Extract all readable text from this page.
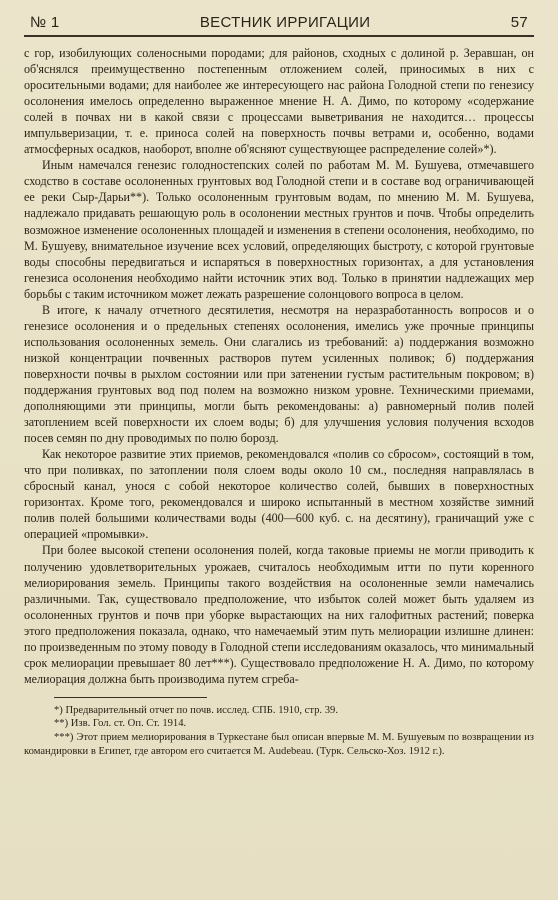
№ 1	ВЕСТНИК ИРРИГАЦИИ	57

с гор, изобилующих соленосными породами; для районов, сходных с долиной р. Зеравшан, он об'яснялся преимущественно постепенным отложением солей, приносимых в них с оросительными водами; для наиболее же интересующего нас района Голодной степи по генезису осолонения имелось определенно выраженное мнение Н. А. Димо, по которому «содержание солей в почвах ни в какой связи с процессами выветривания не находится… процессы импульверизации, т. е. приноса солей на поверхность почвы ветрами и, особенно, водами атмосферных осадков, наоборот, вполне об'ясняют существующее распределение солей»*).

Иным намечался генезис голодностепских солей по работам М. М. Бушуева, отмечавшего сходство в составе осолоненных грунтовых вод Голодной степи и в составе вод ограничивающей ее реки Сыр-Дарьи**). Только осолоненным грунтовым водам, по мнению М. М. Бушуева, надлежало придавать решающую роль в осолонении местных грунтов и почв. Чтобы определить возможное изменение осолоненных площадей и изменения в степени осолонения, необходимо, по М. Бушуеву, внимательное изучение всех условий, определяющих быстроту, с которой грунтовые воды способны передвигаться и испаряться в поверхностных горизонтах, а для установления генезиса осолонения необходимо найти источник этих вод. Только в принятии надлежащих мер борьбы с таким источником может лежать разрешение солонцового вопроса в целом.

В итоге, к началу отчетного десятилетия, несмотря на неразработанность вопросов и о генезисе осолонения и о предельных степенях осолонения, имелись уже прочные принципы использования осолоненных земель. Они слагались из требований: а) поддержания возможно низкой концентрации почвенных растворов путем усиленных поливок; б) поддержания поверхности почвы в рыхлом состоянии или при затенении густым растительным покровом; в) поддержания грунтовых вод под полем на возможно низком уровне. Техническими приемами, дополняющими эти принципы, могли быть рекомендованы: а) равномерный полив полей затоплением всей поверхности их слоем воды; б) для улучшения условия получения всходов посев семян по дну проводимых по полю борозд.

Как некоторое развитие этих приемов, рекомендовался «полив со сбросом», состоящий в том, что при поливках, по затоплении поля слоем воды около 10 см., последняя направлялась в сбросный канал, унося с собой некоторое количество солей, бывших в поверхностных горизонтах. Кроме того, рекомендовался и широко испытанный в местном хозяйстве зимний полив полей большими количествами воды (400—600 куб. с. на десятину), граничащий уже с операцией «промывки».

При более высокой степени осолонения полей, когда таковые приемы не могли приводить к получению удовлетворительных урожаев, считалось необходимым итти по пути коренного мелиорирования земель. Принципы такого воздействия на осолоненные земли намечались различными. Так, существовало предположение, что избыток солей может быть удаляем из осолоненных грунтов и почв при уборке вырастающих на них галофитных растений; поверка этого предположения показала, однако, что намечаемый этим путь мелиорации излишне длинен: по произведенным по этому поводу в Голодной степи исследованиям оказалось, что минимальный срок мелиорации превышает 80 лет***). Существовало предположение Н. А. Димо, по которому мелиорация должна быть производима путем сгреба-

*) Предварительный отчет по почв. исслед. СПБ. 1910, стр. 39.

**) Изв. Гол. ст. Оп. Ст. 1914.

***) Этот прием мелиорирования в Туркестане был описан впервые М. М. Бушуевым по возвращении из командировки в Египет, где автором его считается М. Audebeau. (Турк. Сельско-Хоз. 1912 г.).
